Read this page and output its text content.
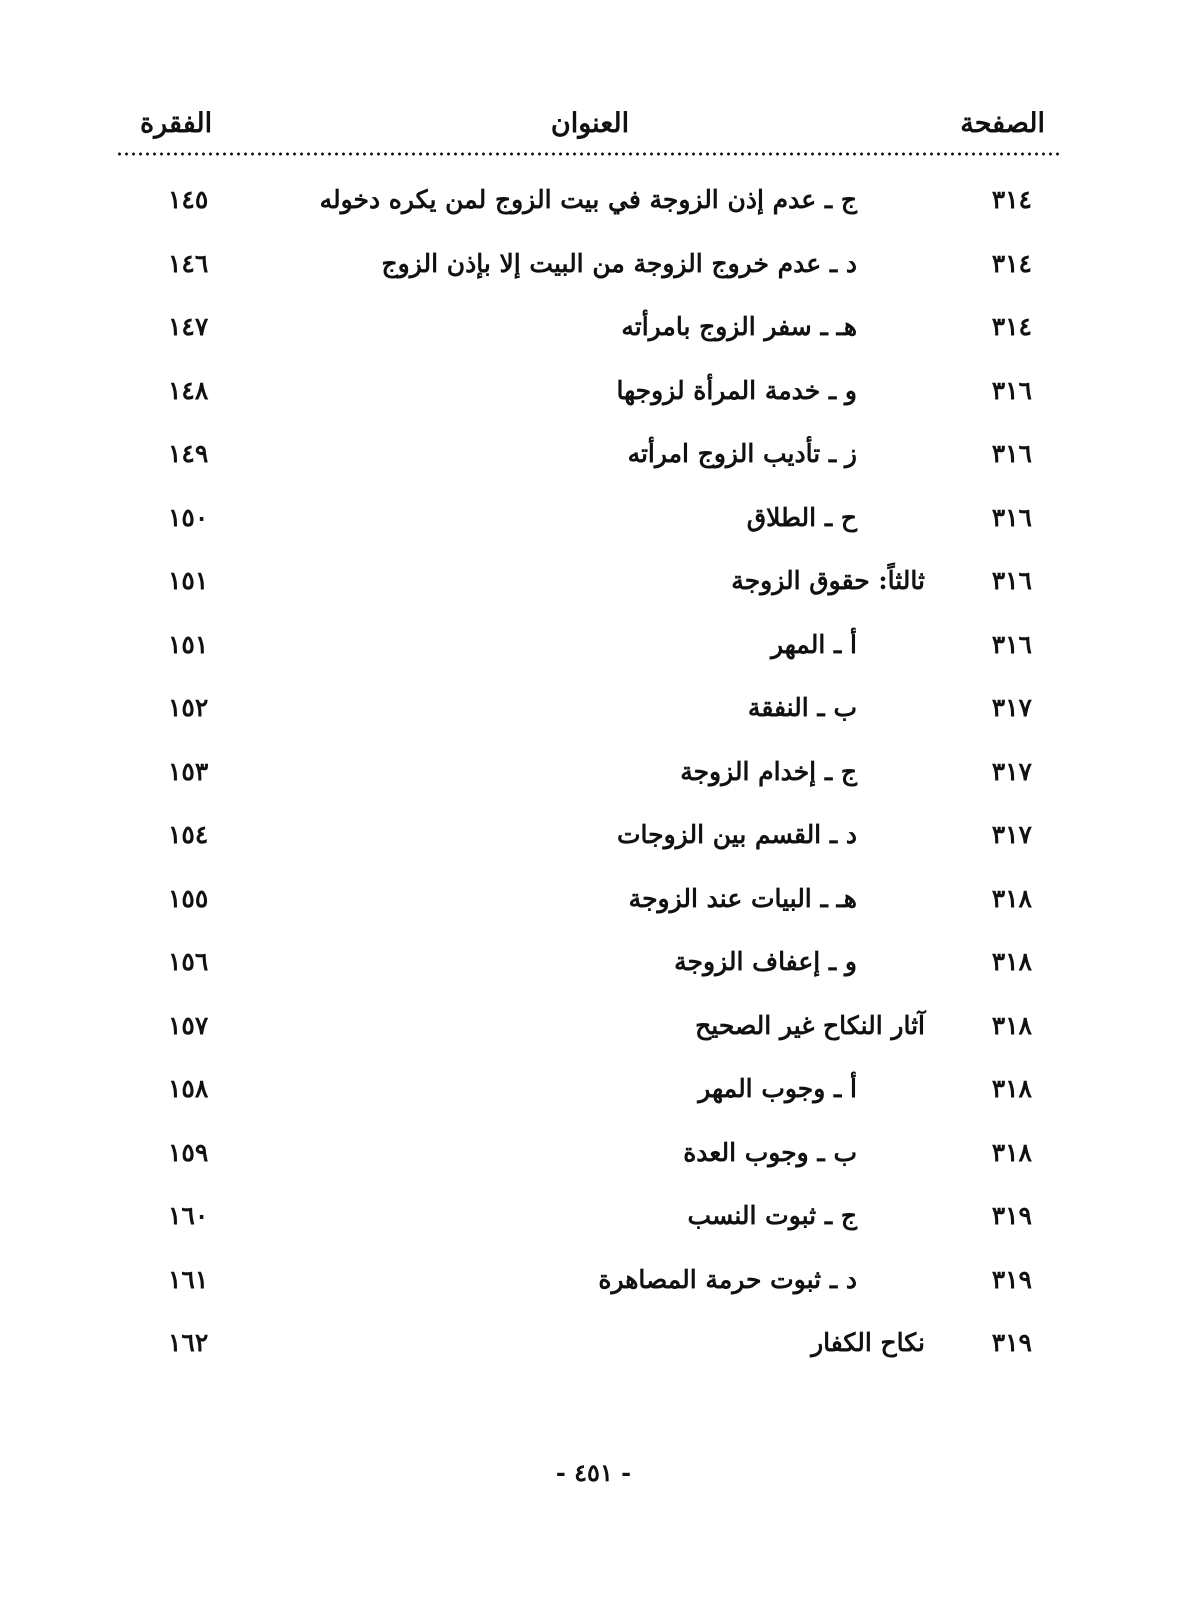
الصفحة
العنوان
الفقرة
٣١٤
ج ـ عدم إذن الزوجة في بيت الزوج لمن يكره دخوله
١٤٥
٣١٤
د ـ عدم خروج الزوجة من البيت إلا بإذن الزوج
١٤٦
٣١٤
هـ ـ سفر الزوج بامرأته
١٤٧
٣١٦
و ـ خدمة المرأة لزوجها
١٤٨
٣١٦
ز ـ تأديب الزوج امرأته
١٤٩
٣١٦
ح ـ الطلاق
١٥٠
٣١٦
ثالثاً: حقوق الزوجة
١٥١
٣١٦
أ ـ المهر
١٥١
٣١٧
ب ـ النفقة
١٥٢
٣١٧
ج ـ إخدام الزوجة
١٥٣
٣١٧
د ـ القسم بين الزوجات
١٥٤
٣١٨
هـ ـ البيات عند الزوجة
١٥٥
٣١٨
و ـ إعفاف الزوجة
١٥٦
٣١٨
آثار النكاح غير الصحيح
١٥٧
٣١٨
أ ـ وجوب المهر
١٥٨
٣١٨
ب ـ وجوب العدة
١٥٩
٣١٩
ج ـ ثبوت النسب
١٦٠
٣١٩
د ـ ثبوت حرمة المصاهرة
١٦١
٣١٩
نكاح الكفار
١٦٢
- ٤٥١ -
